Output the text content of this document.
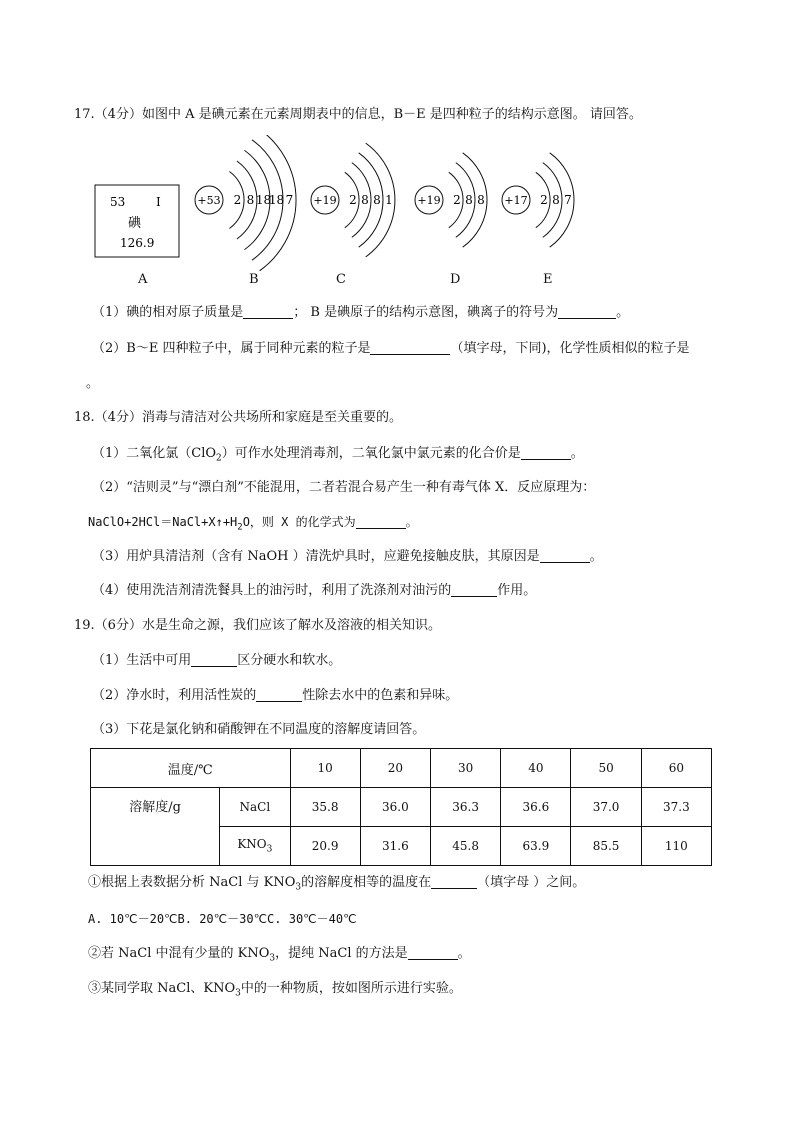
17.（4分）如图中 A 是碘元素在元素周期表中的信息，B－E 是四种粒子的结构示意图。 请回答。
53	I
碘
126.9
+53 2 8 18
18 7 +19 2 8 8 1 +19 2 8 8 +17 2 8 7
A	B	C	D	E
（1）碘的相对原子质量是	； B 是碘原子的结构示意图，碘离子的符号为	。
（2）B～E 四种粒子中，属于同种元素的粒子是	（填字母，下同)，化学性质相似的粒子是
。
18.（4分）消毒与清洁对公共场所和家庭是至关重要的。
（1）二氧化氯（ClO$_2$）可作水处理消毒剂，二氧化氯中氯元素的化合价是	。
（2）“洁则灵”与“漂白剂”不能混用，二者若混合易产生一种有毒气体 X．反应原理为：
$NaClO+2HCl=NaCl+X↑+H_2O$，则 X 的化学式为	。
（3）用炉具清洁剂（含有 NaOH ）清洗炉具时，应避免接触皮肤，其原因是	。
（4）使用洗洁剂清洗餐具上的油污时，利用了洗涤剂对油污的	作用。
19.（6分）水是生命之源，我们应该了解水及溶液的相关知识。
（1）生活中可用	区分硬水和软水。
（2）净水时，利用活性炭的	性除去水中的色素和异味。
（3）下花是氯化钠和硝酸钾在不同温度的溶解度请回答。
温度/℃		10	20	30	40	50	60
溶解度/g	NaCl	35.8	36.0	36.3	36.6	37.0	37.3
	$KNO_3$	20.9	31.6	45.8	63.9	85.5	110
①根据上表数据分析 NaCl 与 $KNO_3$的溶解度相等的温度在	（填字母 ）之间。
A. 10℃－20℃B. 20℃－30℃C. 30℃－40℃
②若 NaCl 中混有少量的 $KNO_3$，提纯 NaCl 的方法是	。
③某同学取 NaCl、$KNO_3$中的一种物质，按如图所示进行实验。
